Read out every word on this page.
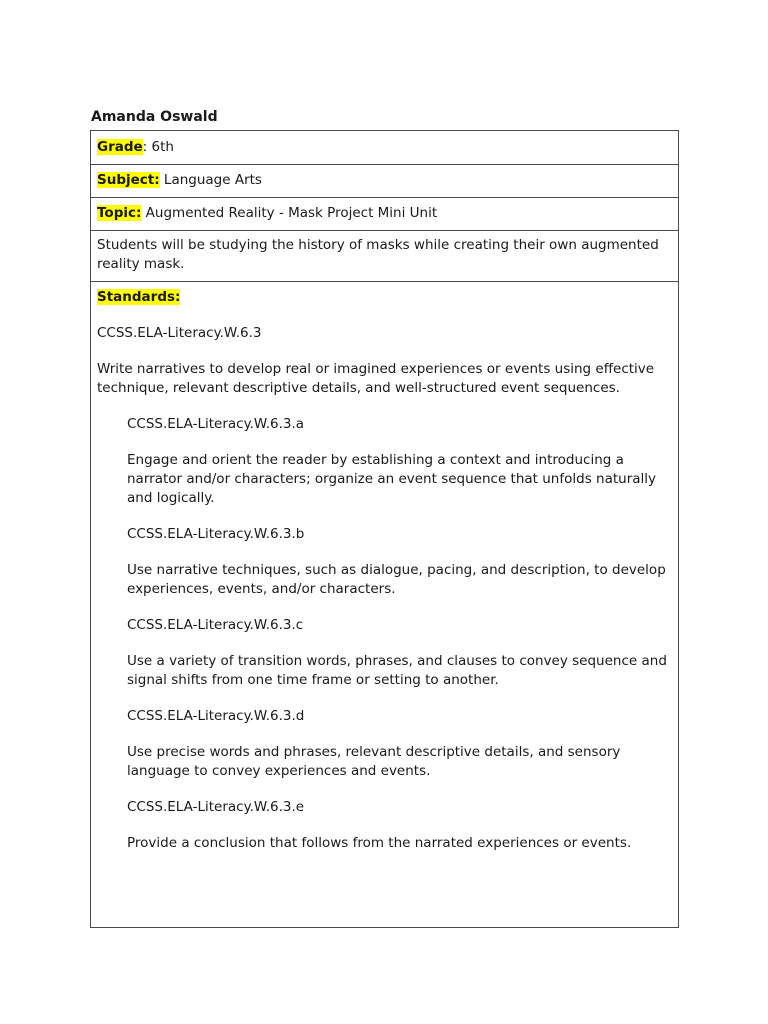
Amanda Oswald
Grade: 6th
Subject: Language Arts
Topic: Augmented Reality - Mask Project Mini Unit
Students will be studying the history of masks while creating their own augmented reality mask.
Standards:

CCSS.ELA-Literacy.W.6.3

Write narratives to develop real or imagined experiences or events using effective technique, relevant descriptive details, and well-structured event sequences.

CCSS.ELA-Literacy.W.6.3.a

Engage and orient the reader by establishing a context and introducing a narrator and/or characters; organize an event sequence that unfolds naturally and logically.

CCSS.ELA-Literacy.W.6.3.b

Use narrative techniques, such as dialogue, pacing, and description, to develop experiences, events, and/or characters.

CCSS.ELA-Literacy.W.6.3.c

Use a variety of transition words, phrases, and clauses to convey sequence and signal shifts from one time frame or setting to another.

CCSS.ELA-Literacy.W.6.3.d

Use precise words and phrases, relevant descriptive details, and sensory language to convey experiences and events.

CCSS.ELA-Literacy.W.6.3.e

Provide a conclusion that follows from the narrated experiences or events.
